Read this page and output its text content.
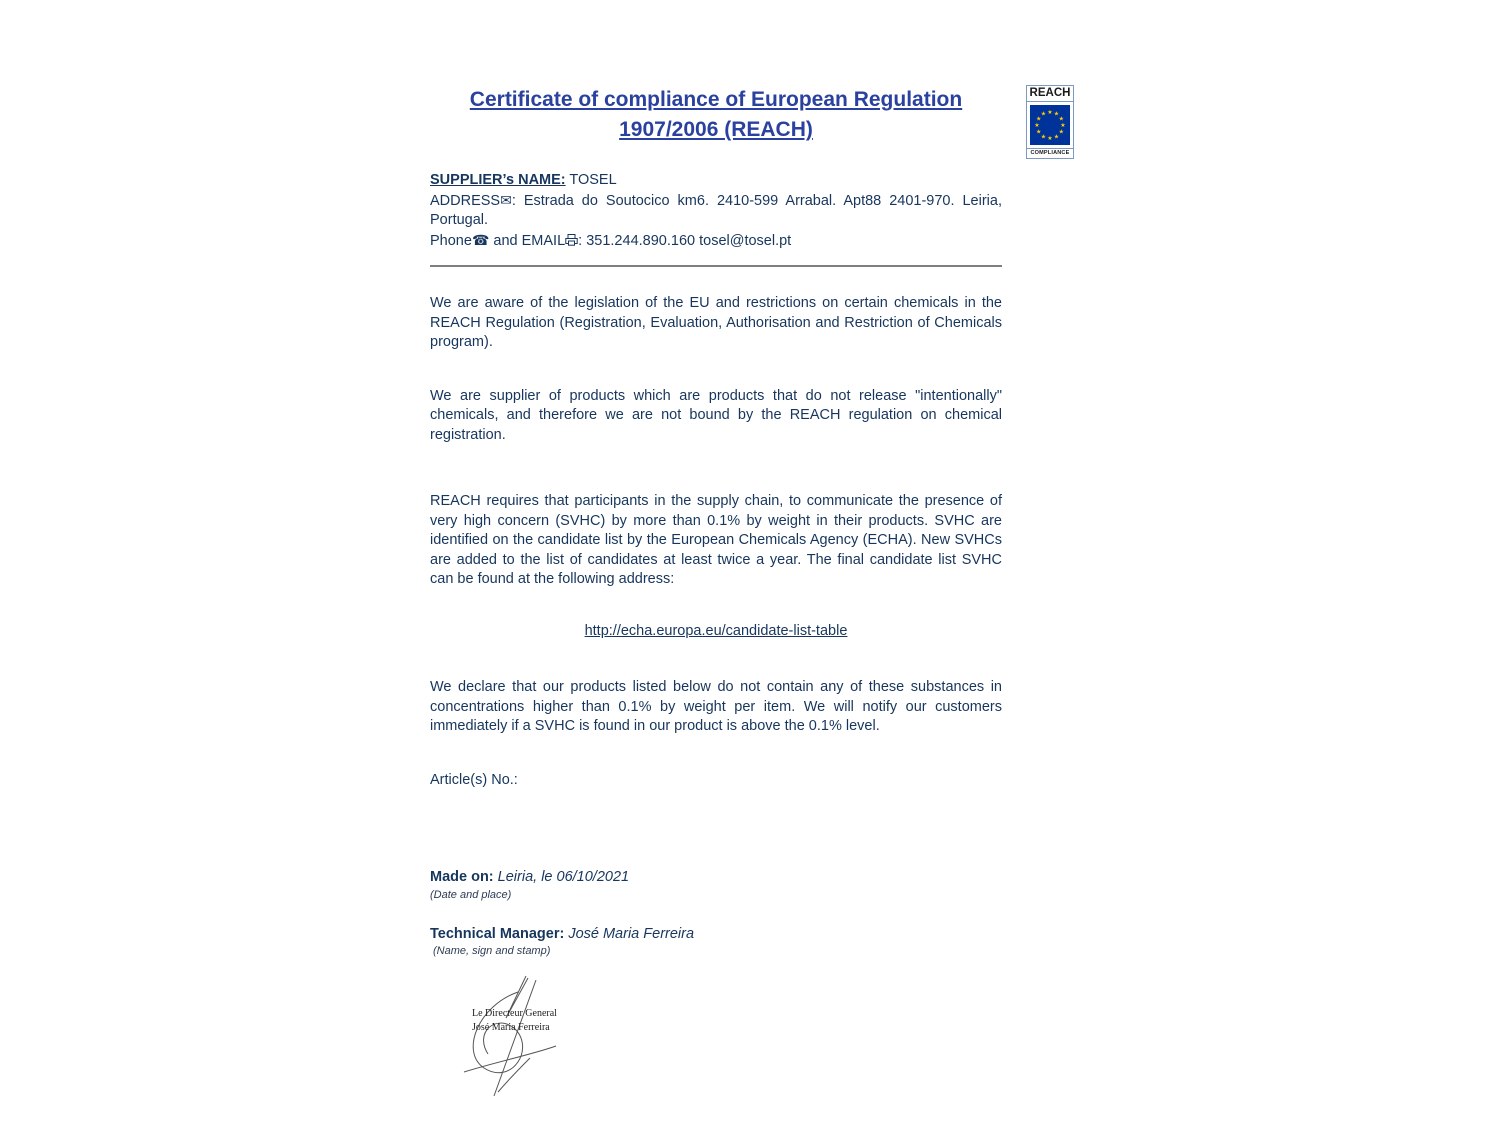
Certificate of compliance of European Regulation
1907/2006 (REACH)
SUPPLIER’s NAME: TOSEL
ADDRESS✉: Estrada do Soutocico km6. 2410-599 Arrabal. Apt88 2401-970. Leiria, Portugal.
Phone☎ and EMAIL : 351.244.890.160 tosel@tosel.pt
We are aware of the legislation of the EU and restrictions on certain chemicals in the REACH Regulation (Registration, Evaluation, Authorisation and Restriction of Chemicals program).
We are supplier of products which are products that do not release "intentionally" chemicals, and therefore we are not bound by the REACH regulation on chemical registration.
REACH requires that participants in the supply chain, to communicate the presence of very high concern (SVHC) by more than 0.1% by weight in their products. SVHC are identified on the candidate list by the European Chemicals Agency (ECHA). New SVHCs are added to the list of candidates at least twice a year. The final candidate list SVHC can be found at the following address:
http://echa.europa.eu/candidate-list-table
We declare that our products listed below do not contain any of these substances in concentrations higher than 0.1% by weight per item. We will notify our customers immediately if a SVHC is found in our product is above the 0.1% level.
Article(s) No.:
Made on: Leiria, le 06/10/2021
(Date and place)
Technical Manager: José Maria Ferreira
(Name, sign and stamp)
Le Directeur General
José Maria Ferreira
REACH
★ ★
★
★
★
★
★
★
★
★
★
★
COMPLIANCE
